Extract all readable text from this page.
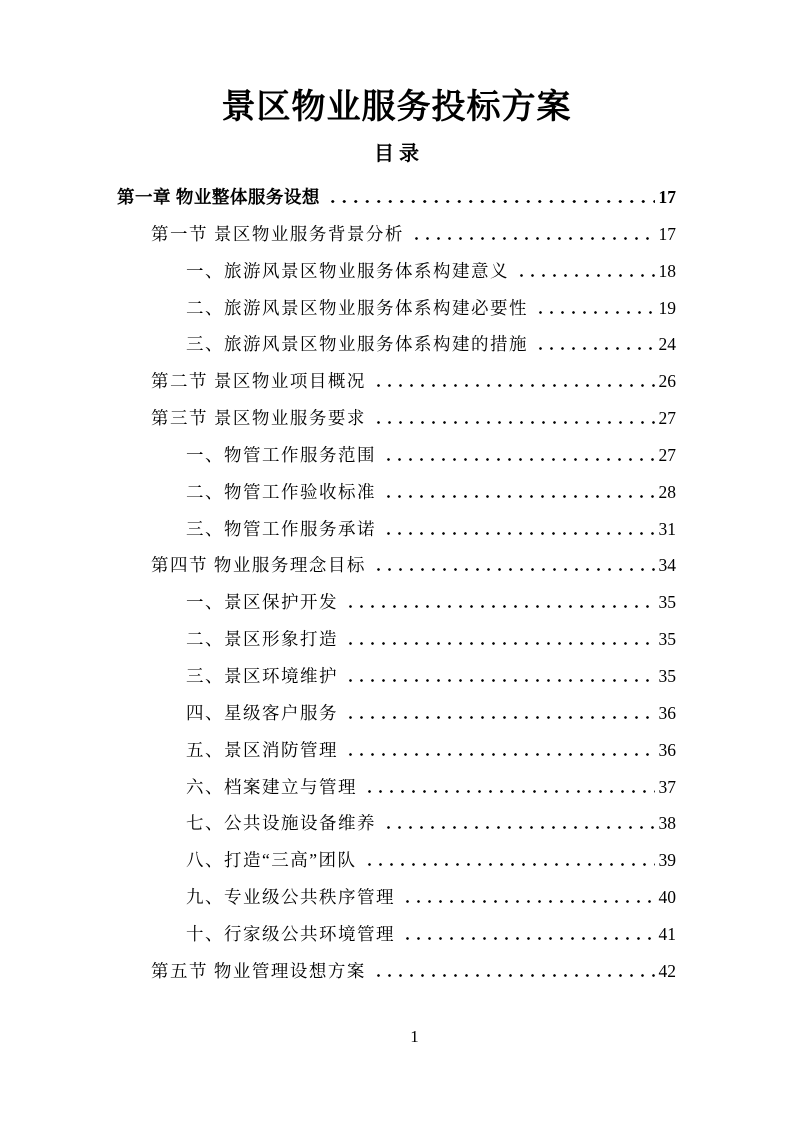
景区物业服务投标方案
目 录
第一章 物业整体服务设想	17
第一节 景区物业服务背景分析	17
一、旅游风景区物业服务体系构建意义	18
二、旅游风景区物业服务体系构建必要性	19
三、旅游风景区物业服务体系构建的措施	24
第二节 景区物业项目概况	26
第三节 景区物业服务要求	27
一、物管工作服务范围	27
二、物管工作验收标准	28
三、物管工作服务承诺	31
第四节 物业服务理念目标	34
一、景区保护开发	35
二、景区形象打造	35
三、景区环境维护	35
四、星级客户服务	36
五、景区消防管理	36
六、档案建立与管理	37
七、公共设施设备维养	38
八、打造“三高”团队	39
九、专业级公共秩序管理	40
十、行家级公共环境管理	41
第五节 物业管理设想方案	42
1
